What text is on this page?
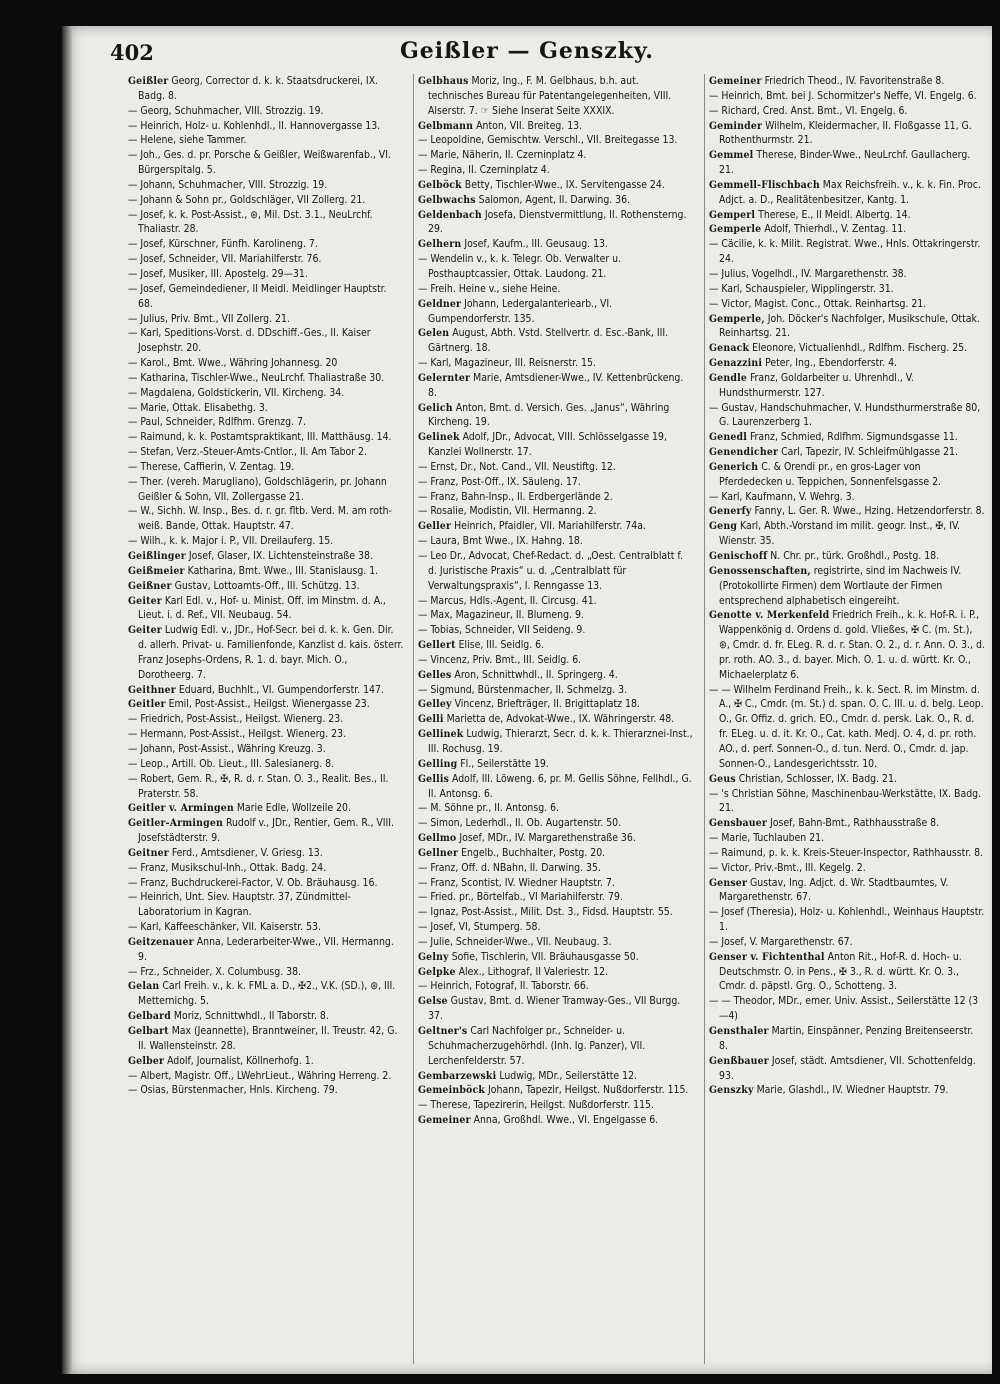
402	Geißler — Genszky.

Geißler Georg, Corrector d. k. k. Staatsdruckerei, IX. Badg. 8.

— Georg, Schuhmacher, VIII. Strozzig. 19.

— Heinrich, Holz- u. Kohlenhdl., II. Hannovergasse 13.

— Helene, siehe Tammer.

— Joh., Ges. d. pr. Porsche & Geißler, Weißwarenfab., VI. Bürgerspitalg. 5.

— Johann, Schuhmacher, VIII. Strozzig. 19.

— Johann & Sohn pr., Goldschläger, VII Zollerg. 21.

— Josef, k. k. Post-Assist., ⊛, Mil. Dst. 3.1., NeuLrchf. Thaliastr. 28.

— Josef, Kürschner, Fünfh. Karolineng. 7.

— Josef, Schneider, VII. Mariahilferstr. 76.

— Josef, Musiker, III. Apostelg. 29—31.

— Josef, Gemeindediener, II Meidl. Meidlinger Hauptstr. 68.

— Julius, Priv. Bmt., VII Zollerg. 21.

— Karl, Speditions-Vorst. d. DDschiff.-Ges., II. Kaiser Josephstr. 20.

— Karol., Bmt. Wwe., Währing Johannesg. 20

— Katharina, Tischler-Wwe., NeuLrchf. Thaliastraße 30.

— Magdalena, Goldstickerin, VII. Kircheng. 34.

— Marie, Ottak. Elisabethg. 3.

— Paul, Schneider, Rdlfhm. Grenzg. 7.

— Raimund, k. k. Postamtspraktikant, III. Matthäusg. 14.

— Stefan, Verz.-Steuer-Amts-Cntlor., II. Am Tabor 2.

— Therese, Caffierin, V. Zentag. 19.

— Ther. (vereh. Marugliano), Goldschlägerin, pr. Johann Geißler & Sohn, VII. Zollergasse 21.

— W., Sichh. W. Insp., Bes. d. r. gr. fltb. Verd. M. am roth-weiß. Bande, Ottak. Hauptstr. 47.

— Wilh., k. k. Major i. P., VII. Dreilauferg. 15.

Geißlinger Josef, Glaser, IX. Lichtensteinstraße 38.

Geißmeier Katharina, Bmt. Wwe., III. Stanislausg. 1.

Geißner Gustav, Lottoamts-Off., III. Schützg. 13.

Geiter Karl Edl. v., Hof- u. Minist. Off. im Minstm. d. A., Lieut. i. d. Ref., VII. Neubaug. 54.

Geiter Ludwig Edl. v., JDr., Hof-Secr. bei d. k. k. Gen. Dir. d. allerh. Privat- u. Familienfonde, Kanzlist d. kais. österr. Franz Josephs-Ordens, R. 1. d. bayr. Mich. O., Dorotheerg. 7.

Geithner Eduard, Buchhlt., VI. Gumpendorferstr. 147.

Geitler Emil, Post-Assist., Heilgst. Wienergasse 23.

— Friedrich, Post-Assist., Heilgst. Wienerg. 23.

— Hermann, Post-Assist., Heilgst. Wienerg. 23.

— Johann, Post-Assist., Währing Kreuzg. 3.

— Leop., Artill. Ob. Lieut., III. Salesianerg. 8.

— Robert, Gem. R., ✠, R. d. r. Stan. O. 3., Realit. Bes., II. Praterstr. 58.

Geitler v. Armingen Marie Edle, Wollzeile 20.

Geitler-Armingen Rudolf v., JDr., Rentier, Gem. R., VIII. Josefstädterstr. 9.

Geitner Ferd., Amtsdiener, V. Griesg. 13.

— Franz, Musikschul-Inh., Ottak. Badg. 24.

— Franz, Buchdruckerei-Factor, V. Ob. Bräuhausg. 16.

— Heinrich, Unt. Siev. Hauptstr. 37, Zündmittel-Laboratorium in Kagran.

— Karl, Kaffeeschänker, VII. Kaiserstr. 53.

Geitzenauer Anna, Lederarbeiter-Wwe., VII. Hermanng. 9.

— Frz., Schneider, X. Columbusg. 38.

Gelan Carl Freih. v., k. k. FML a. D., ✠2., V.K. (SD.), ⊛, III. Metternichg. 5.

Gelbard Moriz, Schnittwhdl., II Taborstr. 8.

Gelbart Max (Jeannette), Branntweiner, II. Treustr. 42, G. II. Wallensteinstr. 28.

Gelber Adolf, Journalist, Köllnerhofg. 1.

— Albert, Magistr. Off., LWehrLieut., Währing Herreng. 2.

— Osias, Bürstenmacher, Hnls. Kircheng. 79.

Gelbhaus Moriz, Ing., F. M. Gelbhaus, b.h. aut. technisches Bureau für Patentangelegenheiten, VIII. Alserstr. 7. ☞ Siehe Inserat Seite XXXIX.

Gelbmann Anton, VII. Breiteg. 13.

— Leopoldine, Gemischtw. Verschl., VII. Breitegasse 13.

— Marie, Näherin, II. Czerninplatz 4.

— Regina, II. Czerninplatz 4.

Gelböck Betty, Tischler-Wwe., IX. Servitengasse 24.

Gelbwachs Salomon, Agent, II. Darwing. 36.

Geldenbach Josefa, Dienstvermittlung, II. Rothensterng. 29.

Gelhern Josef, Kaufm., III. Geusaug. 13.

— Wendelin v., k. k. Telegr. Ob. Verwalter u. Posthauptcassier, Ottak. Laudong. 21.

— Freih. Heine v., siehe Heine.

Geldner Johann, Ledergalanteriearb., VI. Gumpendorferstr. 135.

Gelen August, Abth. Vstd. Stellvertr. d. Esc.-Bank, III. Gärtnerg. 18.

— Karl, Magazineur, III. Reisnerstr. 15.

Gelernter Marie, Amtsdiener-Wwe., IV. Kettenbrückeng. 8.

Gelich Anton, Bmt. d. Versich. Ges. „Janus“, Währing Kircheng. 19.

Gelinek Adolf, JDr., Advocat, VIII. Schlösselgasse 19, Kanzlei Wollnerstr. 17.

— Ernst, Dr., Not. Cand., VII. Neustiftg. 12.

— Franz, Post-Off., IX. Säuleng. 17.

— Franz, Bahn-Insp., II. Erdbergerlände 2.

— Rosalie, Modistin, VII. Hermanng. 2.

Geller Heinrich, Pfaidler, VII. Mariahilferstr. 74a.

— Laura, Bmt Wwe., IX. Hahng. 18.

— Leo Dr., Advocat, Chef-Redact. d. „Oest. Centralblatt f. d. Juristische Praxis“ u. d. „Centralblatt für Verwaltungspraxis“, I. Renngasse 13.

— Marcus, Hdls.-Agent, II. Circusg. 41.

— Max, Magazineur, II. Blumeng. 9.

— Tobias, Schneider, VII Seideng. 9.

Gellert Elise, III. Seidlg. 6.

— Vincenz, Priv. Bmt., III. Seidlg. 6.

Gelles Aron, Schnittwhdl., II. Springerg. 4.

— Sigmund, Bürstenmacher, II. Schmelzg. 3.

Gelley Vincenz, Briefträger, II. Brigittaplatz 18.

Gelli Marietta de, Advokat-Wwe., IX. Währingerstr. 48.

Gellinek Ludwig, Thierarzt, Secr. d. k. k. Thierarznei-Inst., III. Rochusg. 19.

Gelling Fl., Seilerstätte 19.

Gellis Adolf, III. Löweng. 6, pr. M. Gellis Söhne, Fellhdl., G. II. Antonsg. 6.

— M. Söhne pr., II. Antonsg. 6.

— Simon, Lederhdl., II. Ob. Augartenstr. 50.

Gellmo Josef, MDr., IV. Margarethenstraße 36.

Gellner Engelb., Buchhalter, Postg. 20.

— Franz, Off. d. NBahn, II. Darwing. 35.

— Franz, Scontist, IV. Wiedner Hauptstr. 7.

— Fried. pr., Börtelfab., VI Mariahilferstr. 79.

— Ignaz, Post-Assist., Milit. Dst. 3., Fidsd. Hauptstr. 55.

— Josef, VI, Stumperg. 58.

— Julie, Schneider-Wwe., VII. Neubaug. 3.

Gelny Sofie, Tischlerin, VII. Bräuhausgasse 50.

Gelpke Alex., Lithograf, II Valeriestr. 12.

— Heinrich, Fotograf, II. Taborstr. 66.

Gelse Gustav, Bmt. d. Wiener Tramway-Ges., VII Burgg. 37.

Geltner's Carl Nachfolger pr., Schneider- u. Schuhmacherzugehörhdl. (Inh. Ig. Panzer), VII. Lerchenfelderstr. 57.

Gembarzewski Ludwig, MDr., Seilerstätte 12.

Gemeinböck Johann, Tapezir, Heilgst. Nußdorferstr. 115.

— Therese, Tapezirerin, Heilgst. Nußdorferstr. 115.

Gemeiner Anna, Großhdl. Wwe., VI. Engelgasse 6.

Gemeiner Friedrich Theod., IV. Favoritenstraße 8.

— Heinrich, Bmt. bei J. Schormitzer's Neffe, VI. Engelg. 6.

— Richard, Cred. Anst. Bmt., VI. Engelg. 6.

Geminder Wilhelm, Kleidermacher, II. Floßgasse 11, G. Rothenthurmstr. 21.

Gemmel Therese, Binder-Wwe., NeuLrchf. Gaullacherg. 21.

Gemmell-Flischbach Max Reichsfreih. v., k. k. Fin. Proc. Adjct. a. D., Realitätenbesitzer, Kantg. 1.

Gemperl Therese, E., II Meidl. Albertg. 14.

Gemperle Adolf, Thierhdl., V. Zentag. 11.

— Cäcilie, k. k. Milit. Registrat. Wwe., Hnls. Ottakringerstr. 24.

— Julius, Vogelhdl., IV. Margarethenstr. 38.

— Karl, Schauspieler, Wipplingerstr. 31.

— Victor, Magist. Conc., Ottak. Reinhartsg. 21.

Gemperle, Joh. Döcker's Nachfolger, Musikschule, Ottak. Reinhartsg. 21.

Genack Eleonore, Victualienhdl., Rdlfhm. Fischerg. 25.

Genazzini Peter, Ing., Ebendorferstr. 4.

Gendle Franz, Goldarbeiter u. Uhrenhdl., V. Hundsthurmerstr. 127.

— Gustav, Handschuhmacher, V. Hundsthurmerstraße 80, G. Laurenzerberg 1.

Genedl Franz, Schmied, Rdlfhm. Sigmundsgasse 11.

Genendicher Carl, Tapezir, IV. Schleifmühlgasse 21.

Generich C. & Orendi pr., en gros-Lager von Pferdedecken u. Teppichen, Sonnenfelsgasse 2.

— Karl, Kaufmann, V. Wehrg. 3.

Generfy Fanny, L. Ger. R. Wwe., Hzing. Hetzendorferstr. 8.

Geng Karl, Abth.-Vorstand im milit. geogr. Inst., ✠, IV. Wienstr. 35.

Genischoff N. Chr. pr., türk. Großhdl., Postg. 18.

Genossenschaften, registrirte, sind im Nachweis IV. (Protokollirte Firmen) dem Wortlaute der Firmen entsprechend alphabetisch eingereiht.

Genotte v. Merkenfeld Friedrich Freih., k. k. Hof-R. i. P., Wappenkönig d. Ordens d. gold. Vließes, ✠ C. (m. St.), ⊛, Cmdr. d. fr. ELeg. R. d. r. Stan. O. 2., d. r. Ann. O. 3., d. pr. roth. AO. 3., d. bayer. Mich. O. 1. u. d. württ. Kr. O., Michaelerplatz 6.

— — Wilhelm Ferdinand Freih., k. k. Sect. R. im Minstm. d. A., ✠ C., Cmdr. (m. St.) d. span. O. C. III. u. d. belg. Leop. O., Gr. Offiz. d. grich. EO., Cmdr. d. persk. Lak. O., R. d. fr. ELeg. u. d. it. Kr. O., Cat. kath. Medj. O. 4, d. pr. roth. AO., d. perf. Sonnen-O., d. tun. Nerd. O., Cmdr. d. jap. Sonnen-O., Landesgerichtsstr. 10.

Geus Christian, Schlosser, IX. Badg. 21.

— 's Christian Söhne, Maschinenbau-Werkstätte, IX. Badg. 21.

Gensbauer Josef, Bahn-Bmt., Rathhausstraße 8.

— Marie, Tuchlauben 21.

— Raimund, p. k. k. Kreis-Steuer-Inspector, Rathhausstr. 8.

— Victor, Priv.-Bmt., III. Kegelg. 2.

Genser Gustav, Ing. Adjct. d. Wr. Stadtbaumtes, V. Margarethenstr. 67.

— Josef (Theresia), Holz- u. Kohlenhdl., Weinhaus Hauptstr. 1.

— Josef, V. Margarethenstr. 67.

Genser v. Fichtenthal Anton Rit., Hof-R. d. Hoch- u. Deutschmstr. O. in Pens., ✠ 3., R. d. württ. Kr. O. 3., Cmdr. d. päpstl. Grg. O., Schotteng. 3.

— — Theodor, MDr., emer. Univ. Assist., Seilerstätte 12 (3—4)

Gensthaler Martin, Einspänner, Penzing Breitenseerstr. 8.

Genßbauer Josef, städt. Amtsdiener, VII. Schottenfeldg. 93.

Genszky Marie, Glashdl., IV. Wiedner Hauptstr. 79.
